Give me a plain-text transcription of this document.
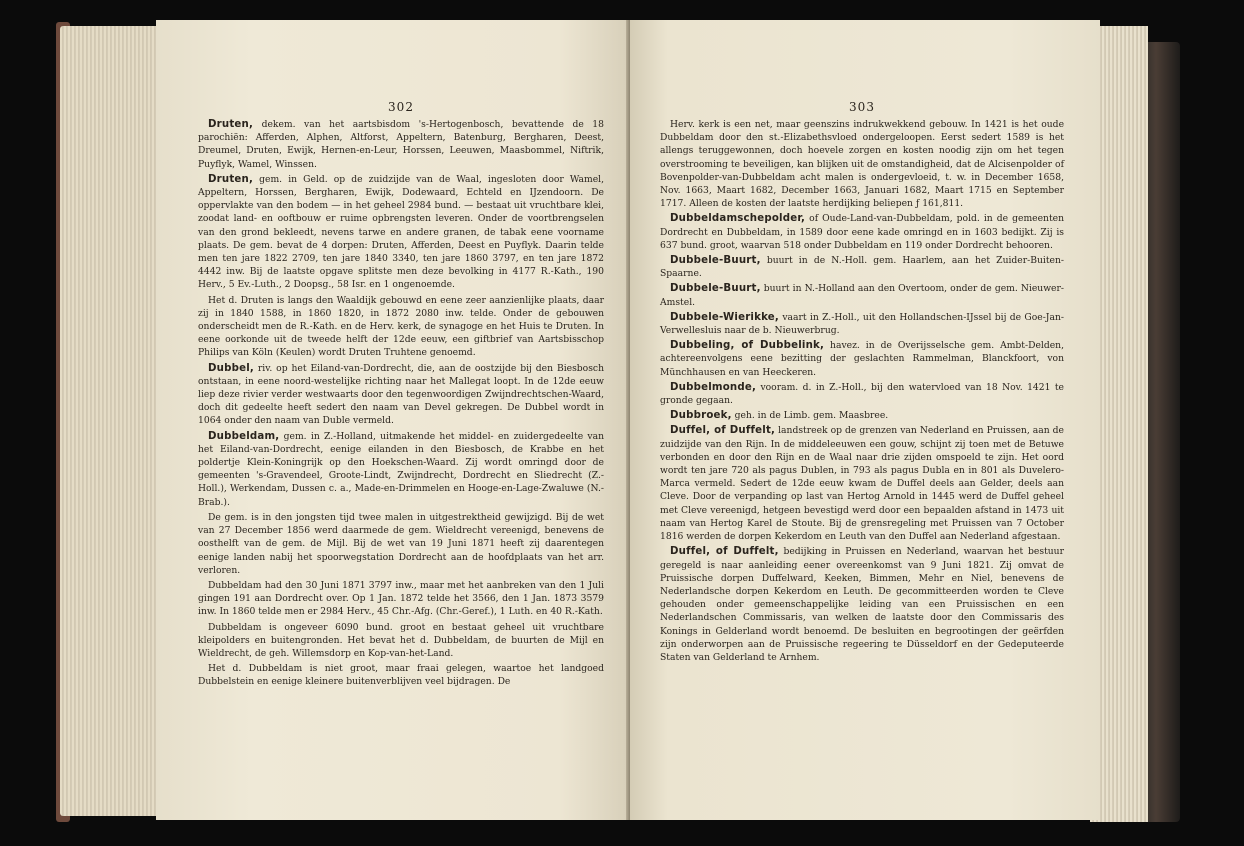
302

Druten, dekem. van het aartsbisdom 's-Hertogenbosch, bevattende de 18 parochiën: Afferden, Alphen, Altforst, Appeltern, Batenburg, Bergharen, Deest, Dreumel, Druten, Ewijk, Hernen-en-Leur, Horssen, Leeuwen, Maasbommel, Niftrik, Puyflyk, Wamel, Winssen.

Druten, gem. in Geld. op de zuidzijde van de Waal, ingesloten door Wamel, Appeltern, Horssen, Bergharen, Ewijk, Dodewaard, Echteld en IJzendoorn. De oppervlakte van den bodem — in het geheel 2984 bund. — bestaat uit vruchtbare klei, zoodat land- en ooftbouw er ruime opbrengsten leveren. Onder de voortbrengselen van den grond bekleedt, nevens tarwe en andere granen, de tabak eene voorname plaats. De gem. bevat de 4 dorpen: Druten, Afferden, Deest en Puyflyk. Daarin telde men ten jare 1822 2709, ten jare 1840 3340, ten jare 1860 3797, en ten jare 1872 4442 inw. Bij de laatste opgave splitste men deze bevolking in 4177 R.-Kath., 190 Herv., 5 Ev.-Luth., 2 Doopsg., 58 Isr. en 1 ongenoemde.

Het d. Druten is langs den Waaldijk gebouwd en eene zeer aanzienlijke plaats, daar zij in 1840 1588, in 1860 1820, in 1872 2080 inw. telde. Onder de gebouwen onderscheidt men de R.-Kath. en de Herv. kerk, de synagoge en het Huis te Druten. In eene oorkonde uit de tweede helft der 12de eeuw, een giftbrief van Aartsbisschop Philips van Köln (Keulen) wordt Druten Truhtene genoemd.

Dubbel, riv. op het Eiland-van-Dordrecht, die, aan de oostzijde bij den Biesbosch ontstaan, in eene noord-westelijke richting naar het Mallegat loopt. In de 12de eeuw liep deze rivier verder westwaarts door den tegenwoordigen Zwijndrechtschen-Waard, doch dit gedeelte heeft sedert den naam van Devel gekregen. De Dubbel wordt in 1064 onder den naam van Duble vermeld.

Dubbeldam, gem. in Z.-Holland, uitmakende het middel- en zuidergedeelte van het Eiland-van-Dordrecht, eenige eilanden in den Biesbosch, de Krabbe en het poldertje Klein-Koningrijk op den Hoekschen-Waard. Zij wordt omringd door de gemeenten 's-Gravendeel, Groote-Lindt, Zwijndrecht, Dordrecht en Sliedrecht (Z.-Holl.), Werkendam, Dussen c. a., Made-en-Drimmelen en Hooge-en-Lage-Zwaluwe (N.-Brab.).

De gem. is in den jongsten tijd twee malen in uitgestrektheid gewijzigd. Bij de wet van 27 December 1856 werd daarmede de gem. Wieldrecht vereenigd, benevens de oosthelft van de gem. de Mijl. Bij de wet van 19 Juni 1871 heeft zij daarentegen eenige landen nabij het spoorwegstation Dordrecht aan de hoofdplaats van het arr. verloren.

Dubbeldam had den 30 Juni 1871 3797 inw., maar met het aanbreken van den 1 Juli gingen 191 aan Dordrecht over. Op 1 Jan. 1872 telde het 3566, den 1 Jan. 1873 3579 inw. In 1860 telde men er 2984 Herv., 45 Chr.-Afg. (Chr.-Geref.), 1 Luth. en 40 R.-Kath.

Dubbeldam is ongeveer 6090 bund. groot en bestaat geheel uit vruchtbare kleipolders en buitengronden. Het bevat het d. Dubbeldam, de buurten de Mijl en Wieldrecht, de geh. Willemsdorp en Kop-van-het-Land.

Het d. Dubbeldam is niet groot, maar fraai gelegen, waartoe het landgoed Dubbelstein en eenige kleinere buitenverblijven veel bijdragen. De

303

Herv. kerk is een net, maar geenszins indrukwekkend gebouw. In 1421 is het oude Dubbeldam door den st.-Elizabethsvloed ondergeloopen. Eerst sedert 1589 is het allengs teruggewonnen, doch hoevele zorgen en kosten noodig zijn om het tegen overstrooming te beveiligen, kan blijken uit de omstandigheid, dat de Alcisenpolder of Bovenpolder-van-Dubbeldam acht malen is ondergevloeid, t. w. in December 1658, Nov. 1663, Maart 1682, December 1663, Januari 1682, Maart 1715 en September 1717. Alleen de kosten der laatste herdijking beliepen ƒ 161,811.

Dubbeldamschepolder, of Oude-Land-van-Dubbeldam, pold. in de gemeenten Dordrecht en Dubbeldam, in 1589 door eene kade omringd en in 1603 bedijkt. Zij is 637 bund. groot, waarvan 518 onder Dubbeldam en 119 onder Dordrecht behooren.

Dubbele-Buurt, buurt in de N.-Holl. gem. Haarlem, aan het Zuider-Buiten-Spaarne.

Dubbele-Buurt, buurt in N.-Holland aan den Overtoom, onder de gem. Nieuwer-Amstel.

Dubbele-Wierikke, vaart in Z.-Holl., uit den Hollandschen-IJssel bij de Goe-Jan-Verwellesluis naar de b. Nieuwerbrug.

Dubbeling, of Dubbelink, havez. in de Overijsselsche gem. Ambt-Delden, achtereenvolgens eene bezitting der geslachten Rammelman, Blanckfoort, von Münchhausen en van Heeckeren.

Dubbelmonde, vooram. d. in Z.-Holl., bij den watervloed van 18 Nov. 1421 te gronde gegaan.

Dubbroek, geh. in de Limb. gem. Maasbree.

Duffel, of Duffelt, landstreek op de grenzen van Nederland en Pruissen, aan de zuidzijde van den Rijn. In de middeleeuwen een gouw, schijnt zij toen met de Betuwe verbonden en door den Rijn en de Waal naar drie zijden omspoeld te zijn. Het oord wordt ten jare 720 als pagus Dublen, in 793 als pagus Dubla en in 801 als Duvelero-Marca vermeld. Sedert de 12de eeuw kwam de Duffel deels aan Gelder, deels aan Cleve. Door de verpanding op last van Hertog Arnold in 1445 werd de Duffel geheel met Cleve vereenigd, hetgeen bevestigd werd door een bepaalden afstand in 1473 uit naam van Hertog Karel de Stoute. Bij de grensregeling met Pruissen van 7 October 1816 werden de dorpen Kekerdom en Leuth van den Duffel aan Nederland afgestaan.

Duffel, of Duffelt, bedijking in Pruissen en Nederland, waarvan het bestuur geregeld is naar aanleiding eener overeenkomst van 9 Juni 1821. Zij omvat de Pruissische dorpen Duffelward, Keeken, Bimmen, Mehr en Niel, benevens de Nederlandsche dorpen Kekerdom en Leuth. De gecommitteerden worden te Cleve gehouden onder gemeenschappelijke leiding van een Pruissischen en een Nederlandschen Commissaris, van welken de laatste door den Commissaris des Konings in Gelderland wordt benoemd. De besluiten en begrootingen der geërfden zijn onderworpen aan de Pruissische regeering te Düsseldorf en der Gedeputeerde Staten van Gelderland te Arnhem.
